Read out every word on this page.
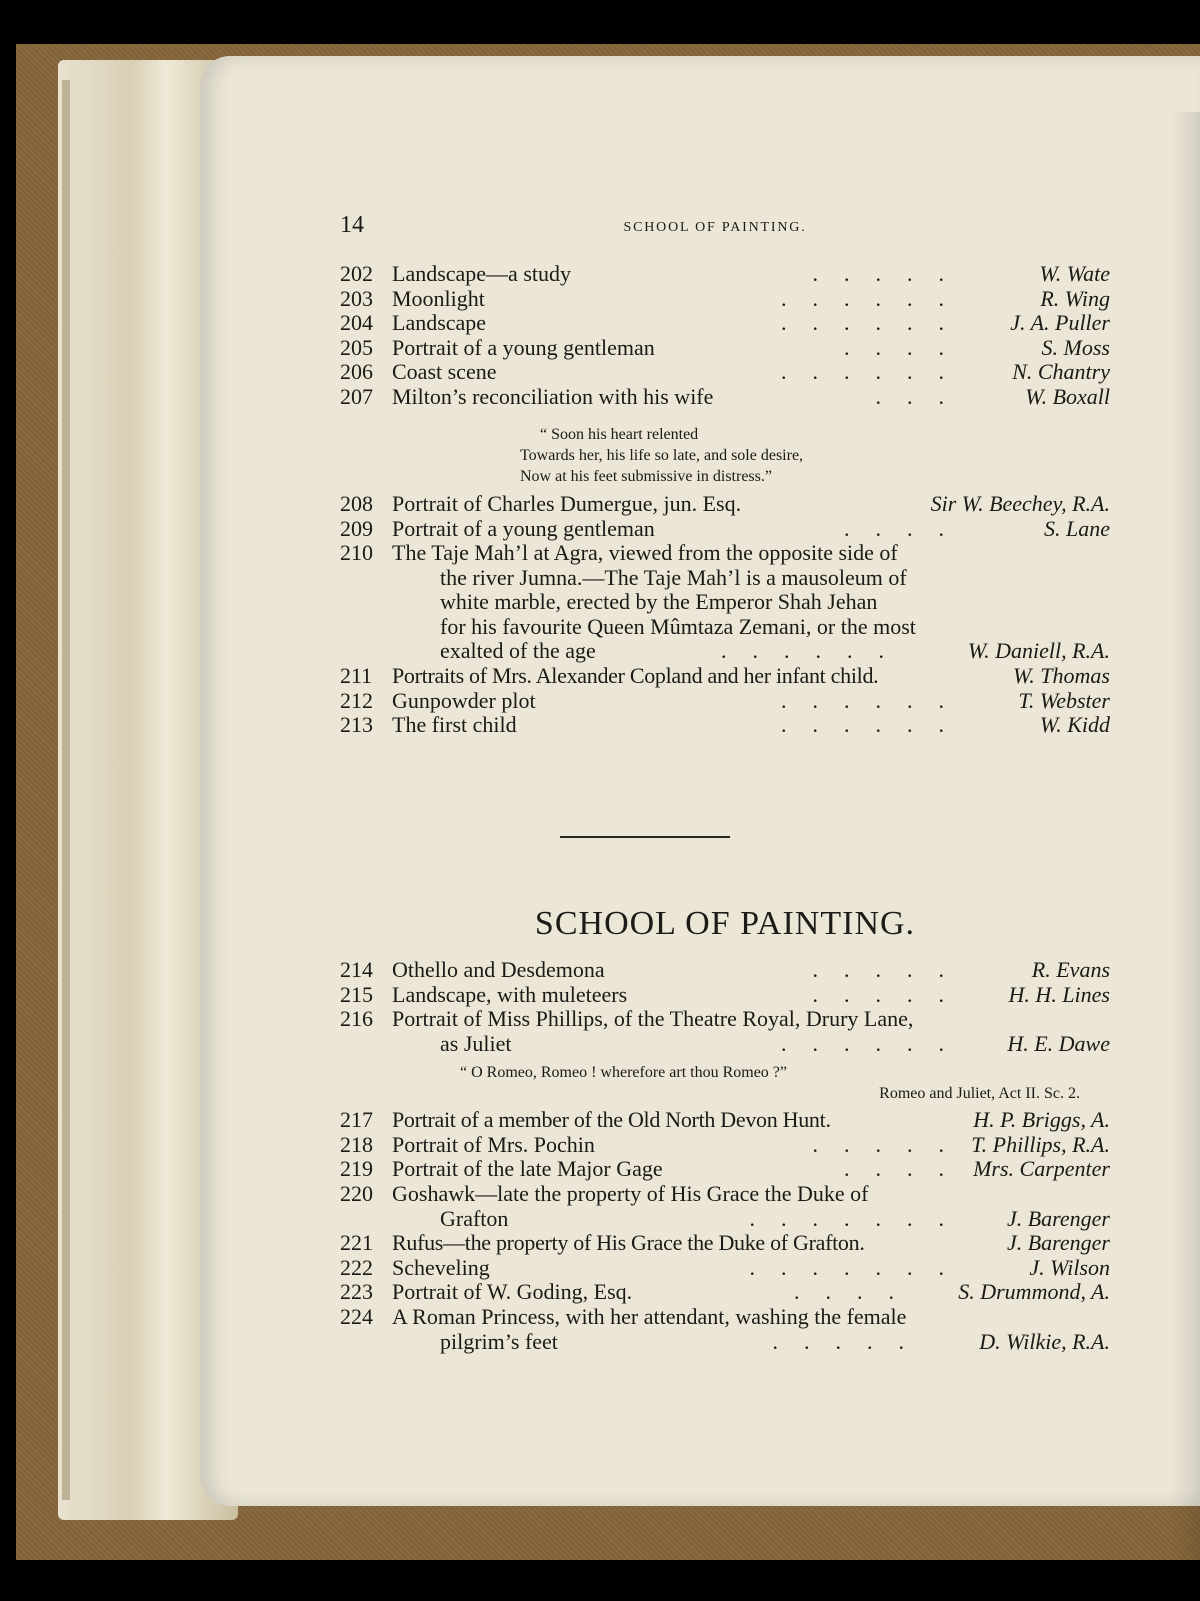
14	SCHOOL OF PAINTING.
202 Landscape—a study	.....	W. Wate
203 Moonlight	......	R. Wing
204 Landscape	...... J. A. Puller
205 Portrait of a young gentleman	....	S. Moss
206 Coast scene	...... N. Chantry
207 Milton’s reconciliation with his wife	...	W. Boxall
“ Soon his heart relented
Towards her, his life so late, and sole desire,
Now at his feet submissive in distress.”
208 Portrait of Charles Dumergue, jun. Esq.	Sir W. Beechey, R.A.
209 Portrait of a young gentleman	....	S. Lane
210 The Taje Mah’l at Agra, viewed from the opposite side of
the river Jumna.—The Taje Mah’l is a mausoleum of
white marble, erected by the Emperor Shah Jehan
for his favourite Queen Mûmtaza Zemani, or the most
exalted of the age	......	W. Daniell, R.A.
211 Portraits of Mrs. Alexander Copland and her infant child.	W. Thomas
212 Gunpowder plot	...... T. Webster
213 The first child	......	W. Kidd
SCHOOL OF PAINTING.
214 Othello and Desdemona	.....	R. Evans
215 Landscape, with muleteers	..... H. H. Lines
216 Portrait of Miss Phillips, of the Theatre Royal, Drury Lane,
as Juliet	...... H. E. Dawe
“ O Romeo, Romeo ! wherefore art thou Romeo ?”
Romeo and Juliet, Act II. Sc. 2.
217 Portrait of a member of the Old North Devon Hunt.	H. P. Briggs, A.
218 Portrait of Mrs. Pochin	..... T. Phillips, R.A.
219 Portrait of the late Major Gage	.... Mrs. Carpenter
220 Goshawk—late the property of His Grace the Duke of
Grafton	....... J. Barenger
221 Rufus—the property of His Grace the Duke of Grafton.	J. Barenger
222 Scheveling	.......	J. Wilson
223 Portrait of W. Goding, Esq.	.... S. Drummond, A.
224 A Roman Princess, with her attendant, washing the female
pilgrim’s feet	..... D. Wilkie, R.A.
